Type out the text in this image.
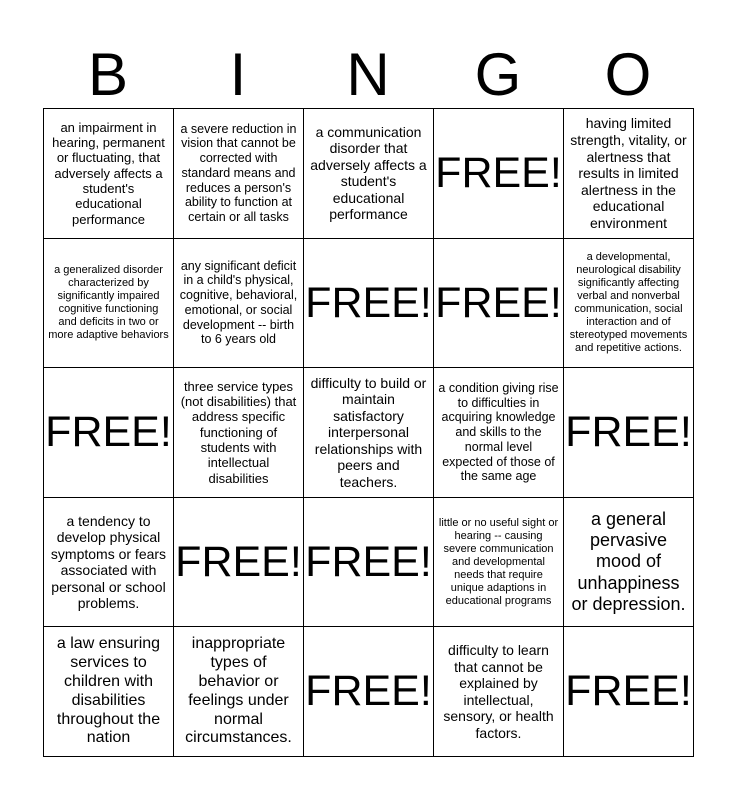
B	I	N	G	O
an impairment in hearing, permanent or fluctuating, that adversely affects a student's educational performance	a severe reduction in vision that cannot be corrected with standard means and reduces a person's ability to function at certain or all tasks	a communication disorder that adversely affects a student's educational performance	FREE!	having limited strength, vitality, or alertness that results in limited alertness in the educational environment
a generalized disorder characterized by significantly impaired cognitive functioning and deficits in two or more adaptive behaviors	any significant deficit in a child's physical, cognitive, behavioral, emotional, or social development -- birth to 6 years old	FREE!	FREE!	a developmental, neurological disability significantly affecting verbal and nonverbal communication, social interaction and of stereotyped movements and repetitive actions.
FREE!	three service types (not disabilities) that address specific functioning of students with intellectual disabilities	difficulty to build or maintain satisfactory interpersonal relationships with peers and teachers.	a condition giving rise to difficulties in acquiring knowledge and skills to the normal level expected of those of the same age	FREE!
a tendency to develop physical symptoms or fears associated with personal or school problems.	FREE!	FREE!	little or no useful sight or hearing -- causing severe communication and developmental needs that require unique adaptions in educational programs	a general pervasive mood of unhappiness or depression.
a law ensuring services to children with disabilities throughout the nation	inappropriate types of behavior or feelings under normal circumstances.	FREE!	difficulty to learn that cannot be explained by intellectual, sensory, or health factors.	FREE!
